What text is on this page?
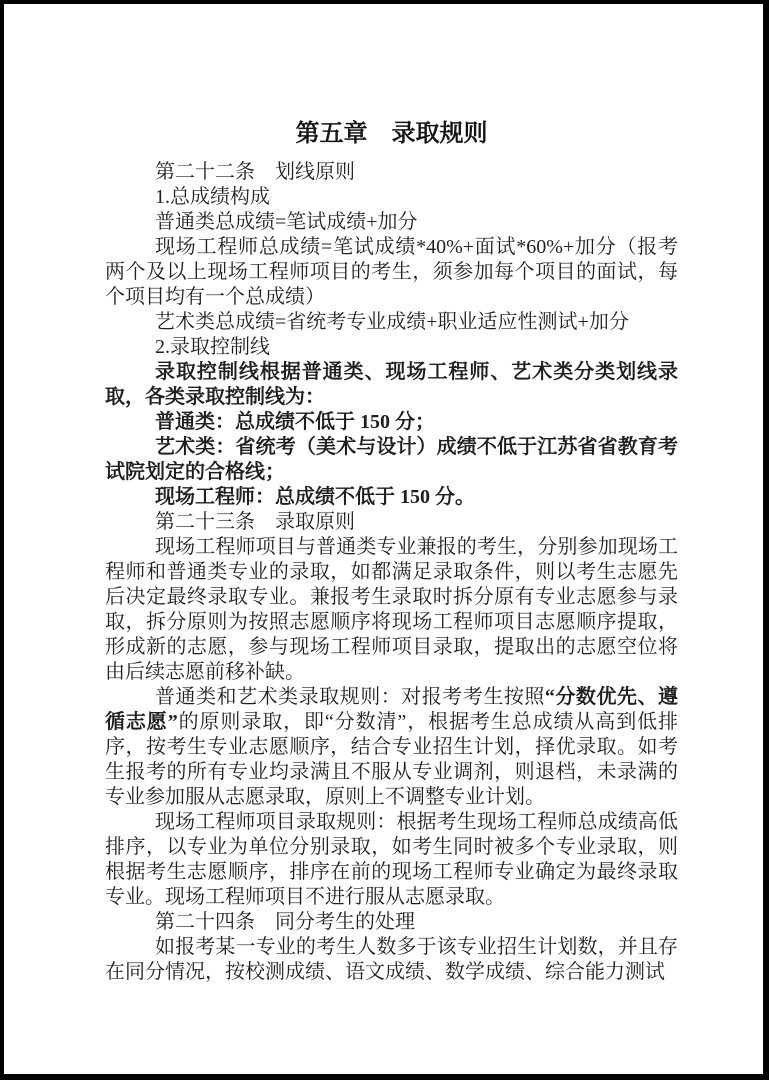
第五章　录取规则

第二十二条　划线原则

1.总成绩构成

普通类总成绩=笔试成绩+加分

现场工程师总成绩=笔试成绩*40%+面试*60%+加分（报考两个及以上现场工程师项目的考生，须参加每个项目的面试，每个项目均有一个总成绩）

艺术类总成绩=省统考专业成绩+职业适应性测试+加分

2.录取控制线

录取控制线根据普通类、现场工程师、艺术类分类划线录取，各类录取控制线为：

普通类：总成绩不低于 150 分；

艺术类：省统考（美术与设计）成绩不低于江苏省省教育考试院划定的合格线；

现场工程师：总成绩不低于 150 分。

第二十三条　录取原则

现场工程师项目与普通类专业兼报的考生，分别参加现场工程师和普通类专业的录取，如都满足录取条件，则以考生志愿先后决定最终录取专业。兼报考生录取时拆分原有专业志愿参与录取，拆分原则为按照志愿顺序将现场工程师项目志愿顺序提取，形成新的志愿，参与现场工程师项目录取，提取出的志愿空位将由后续志愿前移补缺。

普通类和艺术类录取规则：对报考考生按照“分数优先、遵循志愿”的原则录取，即“分数清”，根据考生总成绩从高到低排序，按考生专业志愿顺序，结合专业招生计划，择优录取。如考生报考的所有专业均录满且不服从专业调剂，则退档，未录满的专业参加服从志愿录取，原则上不调整专业计划。

现场工程师项目录取规则：根据考生现场工程师总成绩高低排序，以专业为单位分别录取，如考生同时被多个专业录取，则根据考生志愿顺序，排序在前的现场工程师专业确定为最终录取专业。现场工程师项目不进行服从志愿录取。

第二十四条　同分考生的处理

如报考某一专业的考生人数多于该专业招生计划数，并且存在同分情况，按校测成绩、语文成绩、数学成绩、综合能力测试
